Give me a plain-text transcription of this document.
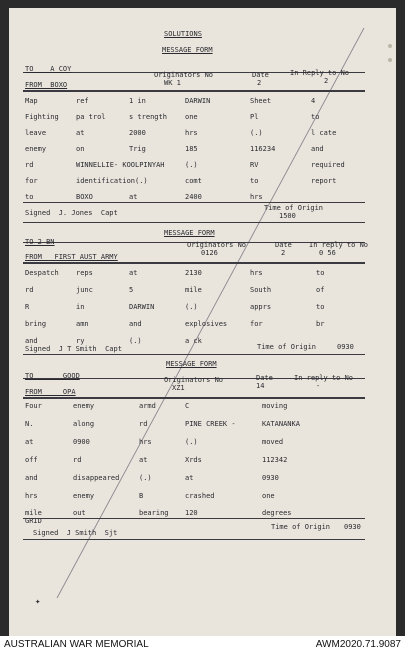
SOLUTIONS
MESSAGE FORM
TO    A COY
Originators No
WK 1
Date
2
In Reply to No
2
FROM  BOXO
Map	ref	1 in	DARWIN	Sheet	4
Fighting pa trol	s trength	one	Pl	to
leave	at	2000	hrs	(.)	l cate
enemy	on	Trig	185	116234	and
rd	WINNELLIE- KOOLPINYAH	(.)	RV	required
for	identification(.)	comt	to	report
to	BOXO	at	2400	hrs
Signed  J. Jones  Capt
Time of Origin
1500
MESSAGE FORM
TO 2 BN	Originators No
0126
Date
2
In reply to No
0 56
FROM   FIRST AUST ARMY
Despatch reps	at	2130	hrs	to
rd	junc	5	mile	South	of
R	in	DARWIN	(.)	apprs	to
bring	amn	and	explosives	for	br
and	ry	(.)	a ck
Signed  J T Smith  Capt	Time of Origin	0930
MESSAGE FORM
TO       GOOD	Originators No
XZ1
Date
14
In reply to No
-
FROM     OPA
Four	enemy	armd	C	moving
N.	along	rd	PINE CREEK -	KATANANKA
at	0900	hrs	(.)	moved
off	rd	at	Xrds	112342
and	disappeared	(.)	at	0930
hrs	enemy	B	crashed	one
mile	out	bearing 120	degrees
GRID
Signed  J Smith  Sjt
Time of Origin 0930
✦
AUSTRALIAN WAR MEMORIAL	AWM2020.71.9087
